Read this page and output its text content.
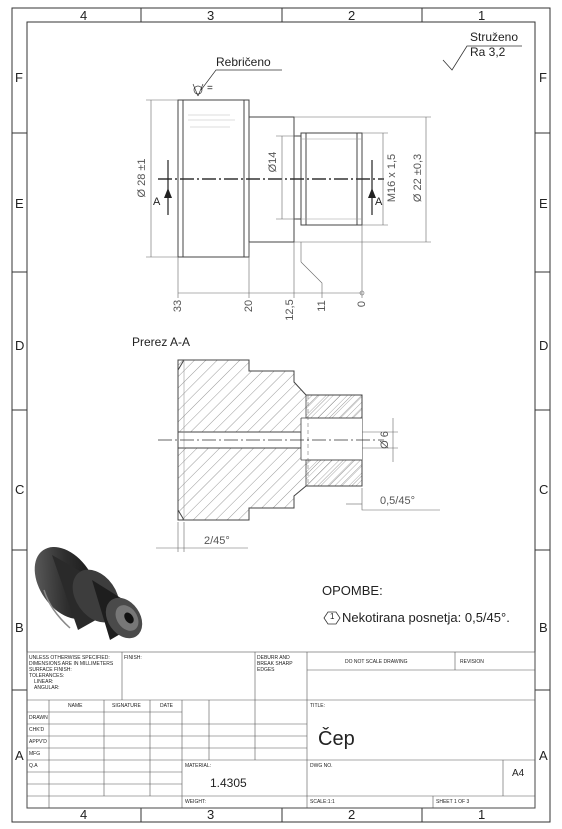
4	3	2	1
4	3	2	1
F
E
D
C
B
A
F
E
D
C
B
A
Struženo
Ra 3,2
Rebričeno
=
Ø 28 ±1	Ø14	M16 x 1,5 Ø 22 ±0,3
A	A
33	20	12,5 11	0
Prerez A-A
Ø 6
0,5/45°
2/45°
OPOMBE:
1 Nekotirana posnetja: 0,5/45°.
UNLESS OTHERWISE SPECIFIED:
DIMENSIONS ARE IN MILLIMETERS
SURFACE FINISH:
TOLERANCES:
LINEAR:
ANGULAR:
FINISH:	DEBURR AND
BREAK SHARP
EDGES
DO NOT SCALE DRAWING	REVISION
NAME	SIGNATURE	DATE
DRAWN
CHK'D
APPV'D
MFG
Q.A
TITLE:
Čep
MATERIAL:
1.4305
DWG NO.
A4
WEIGHT:	SCALE:1:1	SHEET 1 OF 3
